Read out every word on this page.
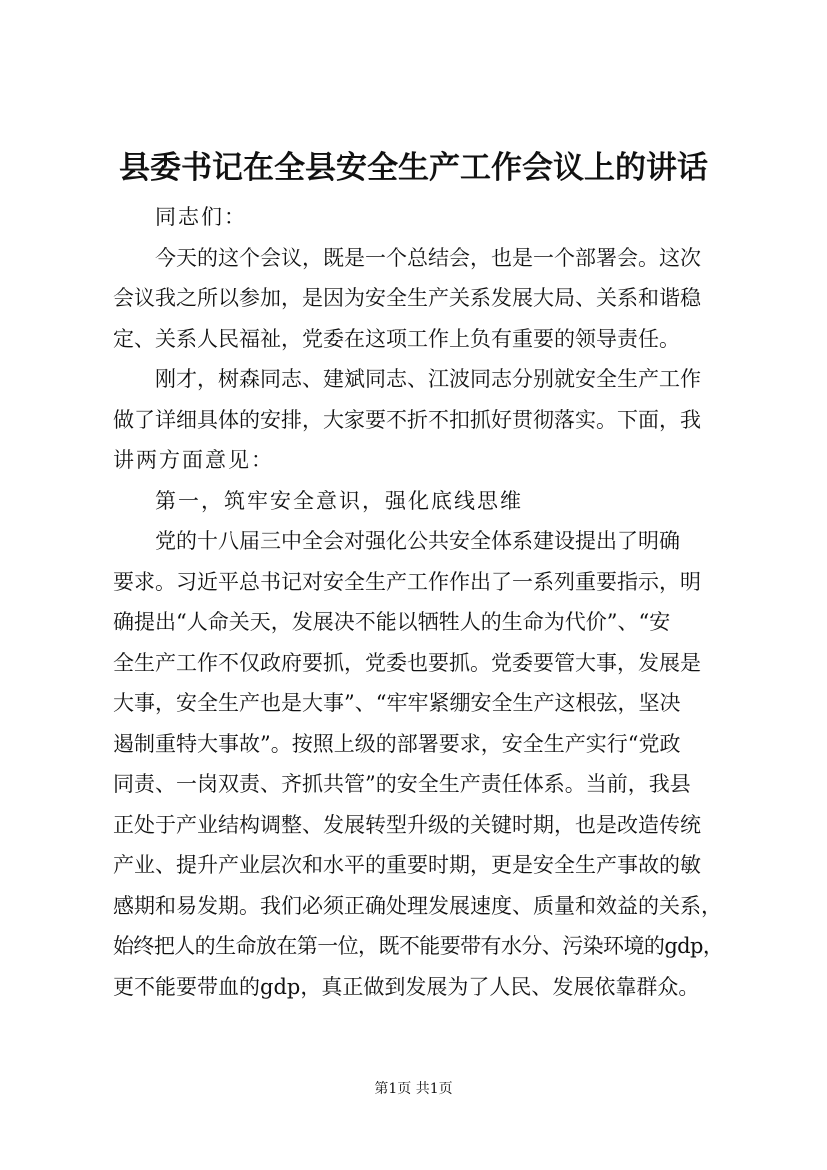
县委书记在全县安全生产工作会议上的讲话
同志们：
今天的这个会议，既是一个总结会，也是一个部署会。这次
会议我之所以参加，是因为安全生产关系发展大局、关系和谐稳
定、关系人民福祉，党委在这项工作上负有重要的领导责任。
刚才，树森同志、建斌同志、江波同志分别就安全生产工作
做了详细具体的安排，大家要不折不扣抓好贯彻落实。下面，我
讲两方面意见：
第一，筑牢安全意识，强化底线思维
党的十八届三中全会对强化公共安全体系建设提出了明确
要求。习近平总书记对安全生产工作作出了一系列重要指示，明
确提出“人命关天，发展决不能以牺牲人的生命为代价”、“安
全生产工作不仅政府要抓，党委也要抓。党委要管大事，发展是
大事，安全生产也是大事”、“牢牢紧绷安全生产这根弦，坚决
遏制重特大事故”。按照上级的部署要求，安全生产实行“党政
同责、一岗双责、齐抓共管”的安全生产责任体系。当前，我县
正处于产业结构调整、发展转型升级的关键时期，也是改造传统
产业、提升产业层次和水平的重要时期，更是安全生产事故的敏
感期和易发期。我们必须正确处理发展速度、质量和效益的关系，
始终把人的生命放在第一位，既不能要带有水分、污染环境的gdp，
更不能要带血的gdp，真正做到发展为了人民、发展依靠群众。
第1页 共1页
